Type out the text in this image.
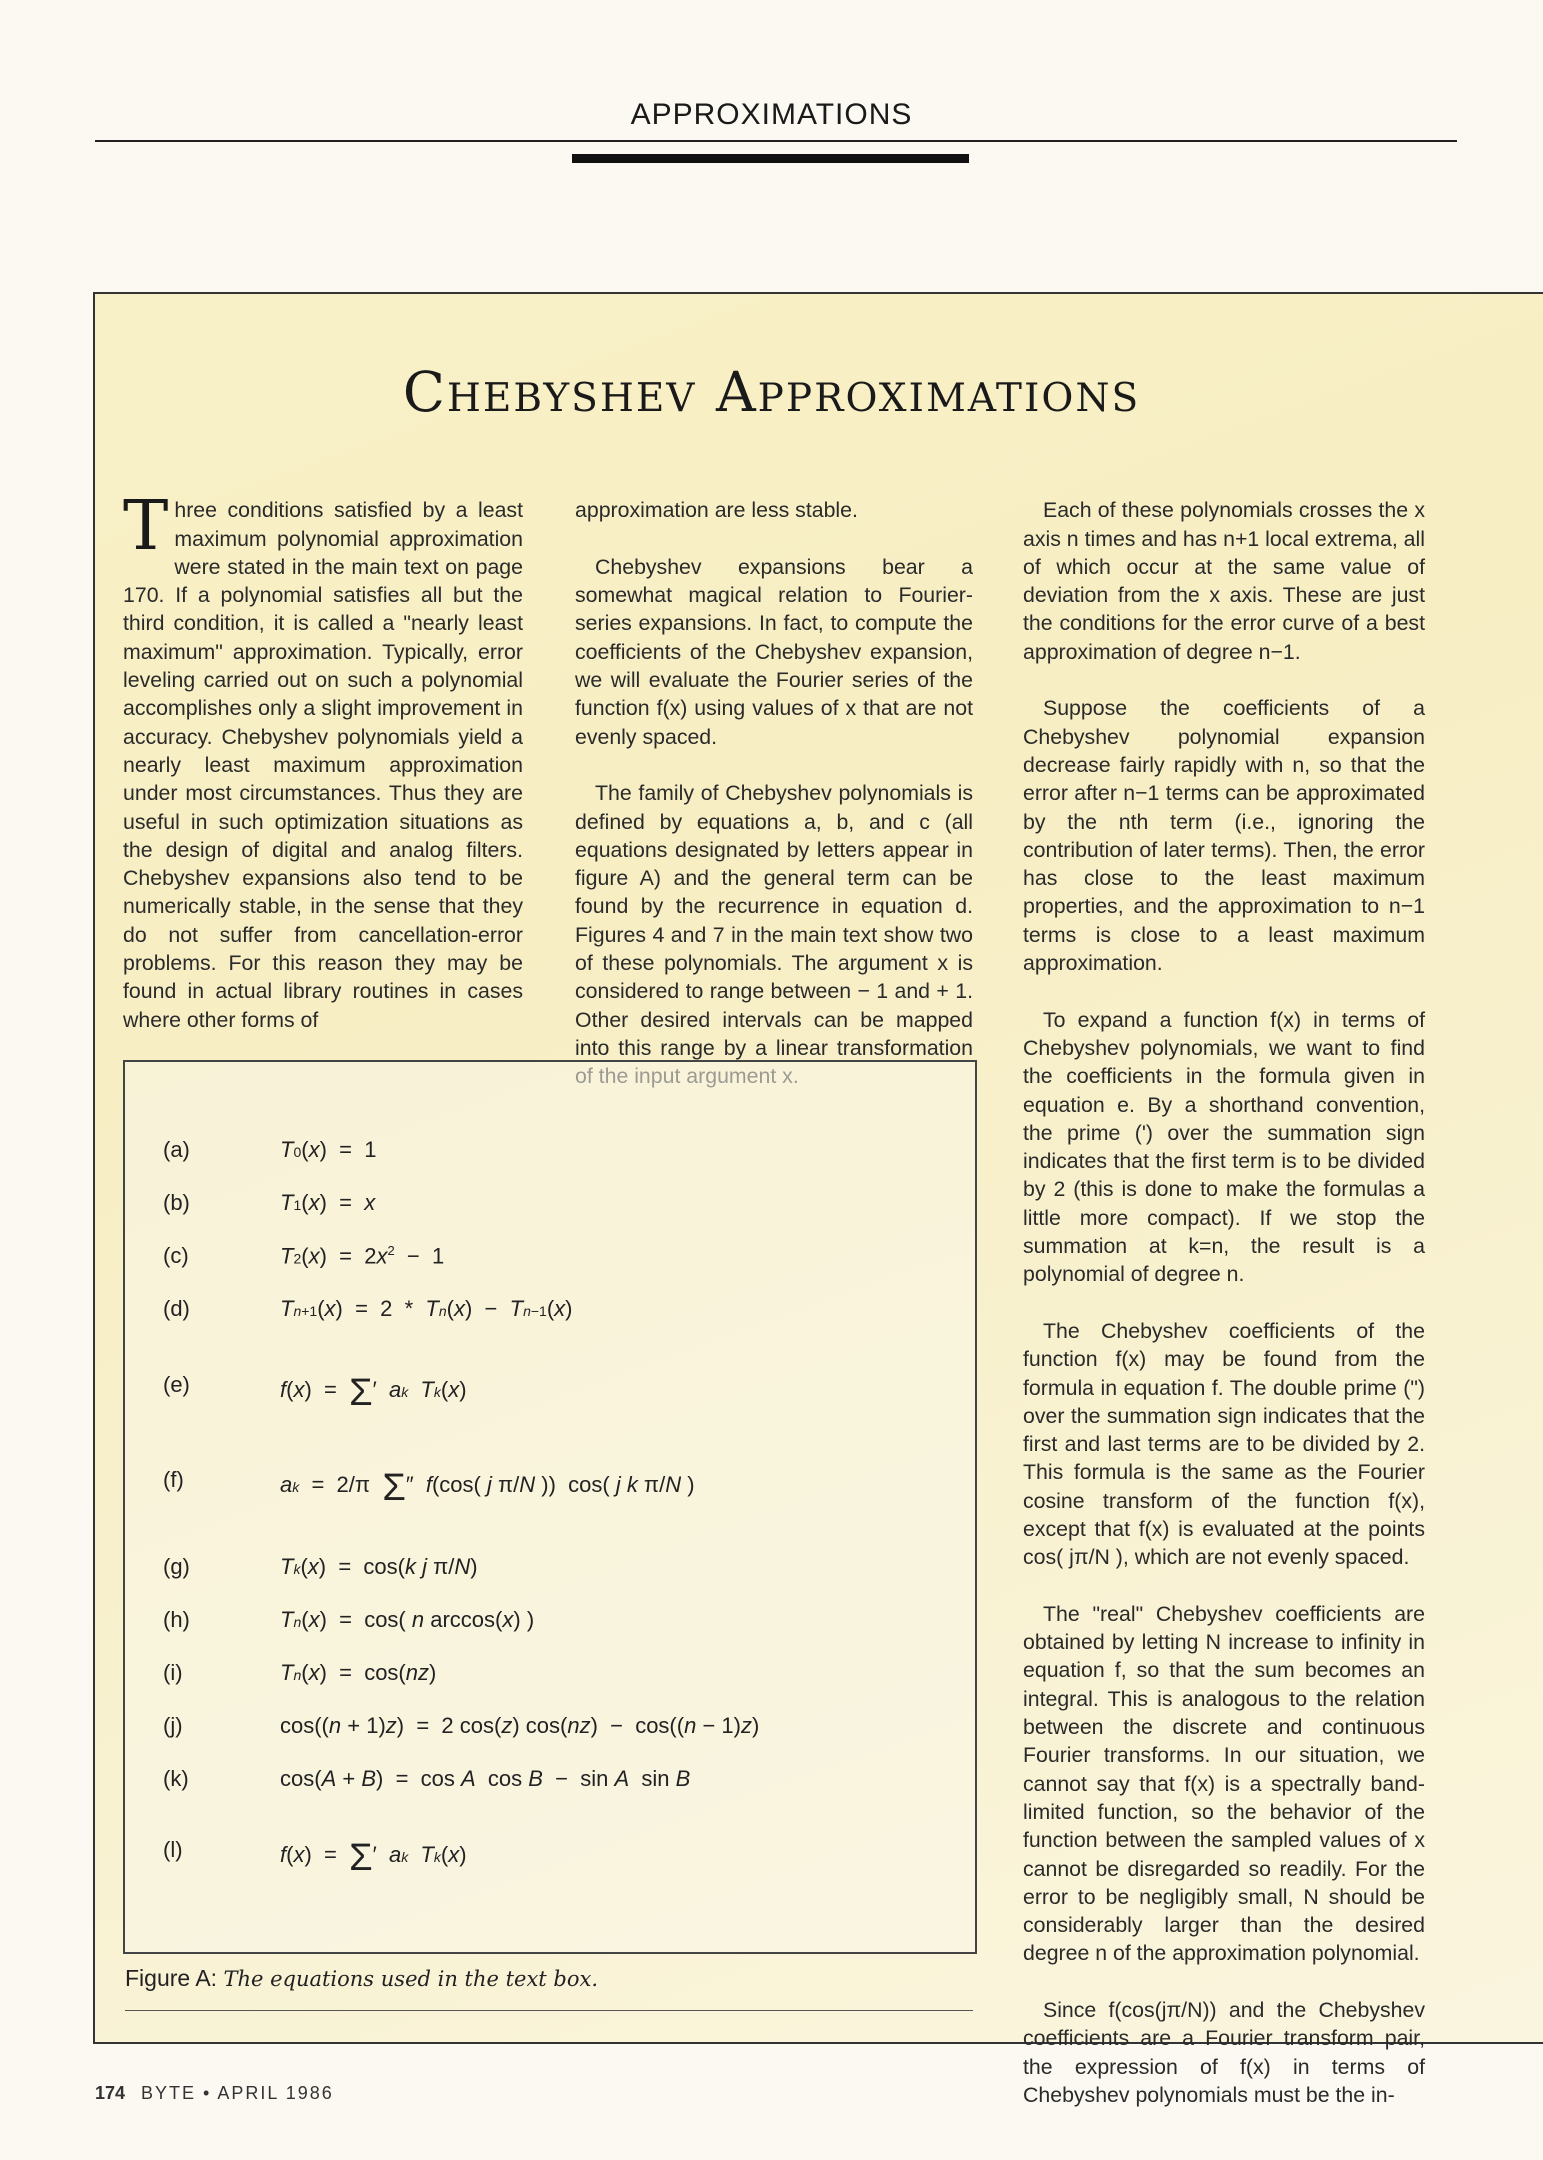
APPROXIMATIONS
Chebyshev Approximations

Three conditions satisfied by a least maximum polynomial approximation were stated in the main text on page 170. If a polynomial satisfies all but the third condition, it is called a "nearly least maximum" approximation. Typically, error leveling carried out on such a polynomial accomplishes only a slight improvement in accuracy. Chebyshev polynomials yield a nearly least maximum approximation under most circumstances. Thus they are useful in such optimization situations as the design of digital and analog filters. Chebyshev expansions also tend to be numerically stable, in the sense that they do not suffer from cancellation-error problems. For this reason they may be found in actual library routines in cases where other forms of

approximation are less stable.

Chebyshev expansions bear a somewhat magical relation to Fourier-series expansions. In fact, to compute the coefficients of the Chebyshev expansion, we will evaluate the Fourier series of the function f(x) using values of x that are not evenly spaced.

The family of Chebyshev polynomials is defined by equations a, b, and c (all equations designated by letters appear in figure A) and the general term can be found by the recurrence in equation d. Figures 4 and 7 in the main text show two of these polynomials. The argument x is considered to range between − 1 and + 1. Other desired intervals can be mapped into this range by a linear transformation

Each of these polynomials crosses the x axis n times and has n+1 local extrema, all of which occur at the same value of deviation from the x axis. These are just the conditions for the error curve of a best approximation of degree n−1.

Suppose the coefficients of a Chebyshev polynomial expansion decrease fairly rapidly with n, so that the error after n−1 terms can be approximated by the nth term (i.e., ignoring the contribution of later terms). Then, the error has close to the least maximum properties, and the approximation to n−1 terms is close to a least maximum approximation.

To expand a function f(x) in terms of Chebyshev polynomials, we want to find the coefficients in the formula given in equation e. By a shorthand convention, the prime (') over the summation sign indicates that the first term is to be divided by 2 (this is done to make the formulas a little more compact). If we stop the summation at k=n, the result is a polynomial of degree n.

The Chebyshev coefficients of the function f(x) may be found from the formula in equation f. The double prime (") over the summation sign indicates that the first and last terms are to be divided by 2. This formula is the same as the Fourier cosine transform of the function f(x), except that f(x) is evaluated at the points cos( jπ/N ), which are not evenly spaced.

The "real" Chebyshev coefficients are obtained by letting N increase to infinity in equation f, so that the sum becomes an integral. This is analogous to the relation between the discrete and continuous Fourier transforms. In our situation, we cannot say that f(x) is a spectrally band-limited function, so the behavior of the function between the sampled values of x cannot be disregarded so readily. For the error to be negligibly small, N should be considerably larger than the desired degree n of the approximation polynomial.

Since f(cos(jπ/N)) and the Chebyshev coefficients are a Fourier transform pair, the expression of f(x) in terms of Chebyshev polynomials must be the in-

(a)	T0(x)  =  1
(b)	T1(x)  =  x
(c)	$T2(x) = 2x^2 - 1$
(d)	Tn+1(x)  =  2  *  Tn(x)  −  Tn−1(x)
(e)	f(x)  =  Σ′  ak Tk(x)
(f)	ak  =  2/π  Σ″  f(cos( j π/N ))  cos( j k π/N )
(g)	Tk(x)  =  cos(k j π/N)
(h)	Tn(x)  =  cos( n arccos(x) )
(i)	Tn(x)  =  cos(nz)
(j)	cos((n + 1)z)  =  2 cos(z) cos(nz)  −  cos((n − 1)z)
(k)	cos(A + B)  =  cos A  cos B  −  sin A  sin B
(l)	f(x)  =  Σ′  ak Tk(x)
Figure A: The equations used in the text box.
174 BYTE • APRIL 1986
